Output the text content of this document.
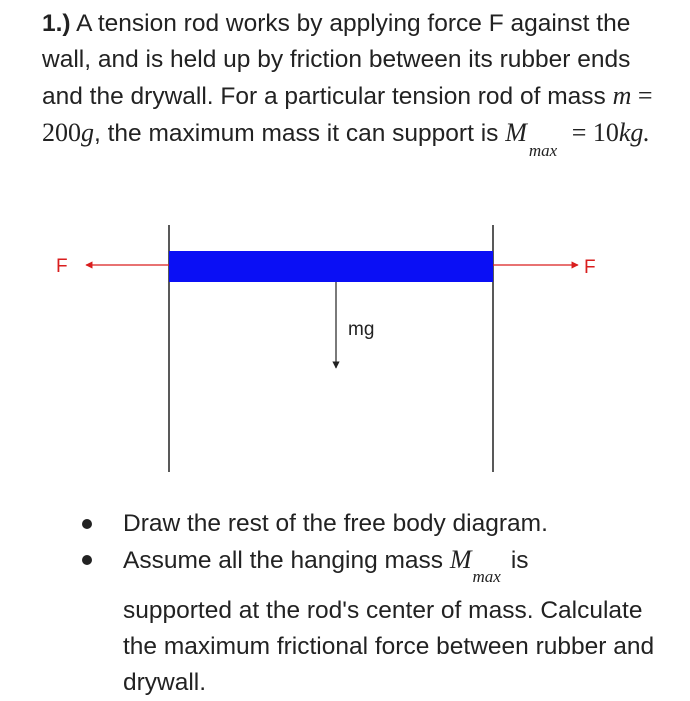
1.) A tension rod works by applying force F against the wall, and is held up by friction between its rubber ends and the drywall. For a particular tension rod of mass m = 200g, the maximum mass it can support is $M_{max} = 10kg$.

F	F
mg
Draw the rest of the free body diagram.
Assume all the hanging mass $M_{max}is$
supported at the rod's center of mass. Calculate the maximum frictional force between rubber and drywall.
